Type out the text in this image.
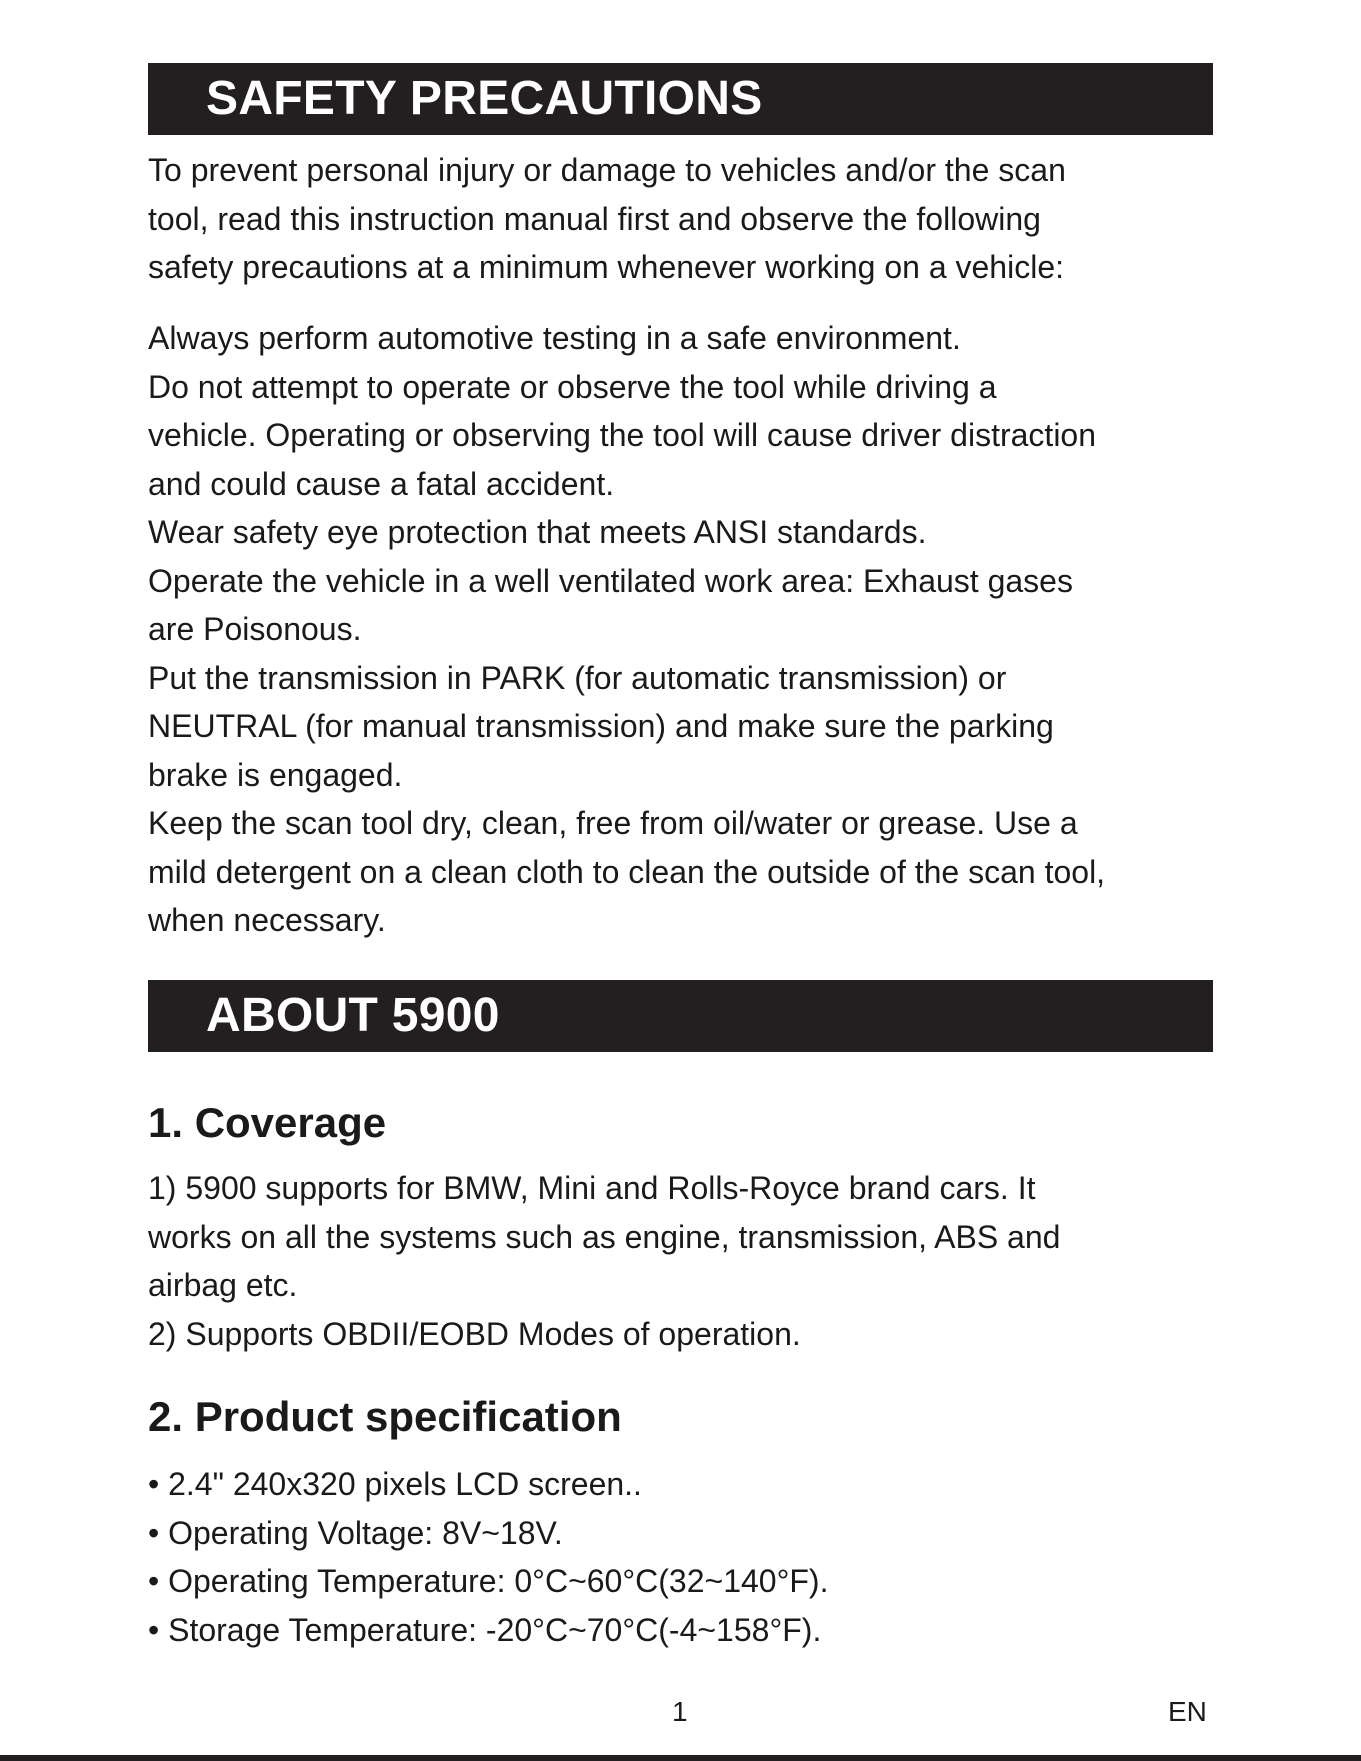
SAFETY PRECAUTIONS
To prevent personal injury or damage to vehicles and/or the scan
tool, read this instruction manual first and observe the following
safety precautions at a minimum whenever working on a vehicle:
Always perform automotive testing in a safe environment.
Do not attempt to operate or observe the tool while driving a
vehicle. Operating or observing the tool will cause driver distraction
and could cause a fatal accident.
Wear safety eye protection that meets ANSI standards.
Operate the vehicle in a well ventilated work area: Exhaust gases
are Poisonous.
Put the transmission in PARK (for automatic transmission) or
NEUTRAL (for manual transmission) and make sure the parking
brake is engaged.
Keep the scan tool dry, clean, free from oil/water or grease. Use a
mild detergent on a clean cloth to clean the outside of the scan tool,
when necessary.
ABOUT 5900
1. Coverage
1) 5900 supports for BMW, Mini and Rolls-Royce brand cars. It
works on all the systems such as engine, transmission, ABS and
airbag etc.
2) Supports OBDII/EOBD Modes of operation.
2. Product specification
• 2.4" 240x320 pixels LCD screen..
• Operating Voltage: 8V~18V.
• Operating Temperature: 0°C~60°C(32~140°F).
• Storage Temperature: -20°C~70°C(-4~158°F).
1	EN
